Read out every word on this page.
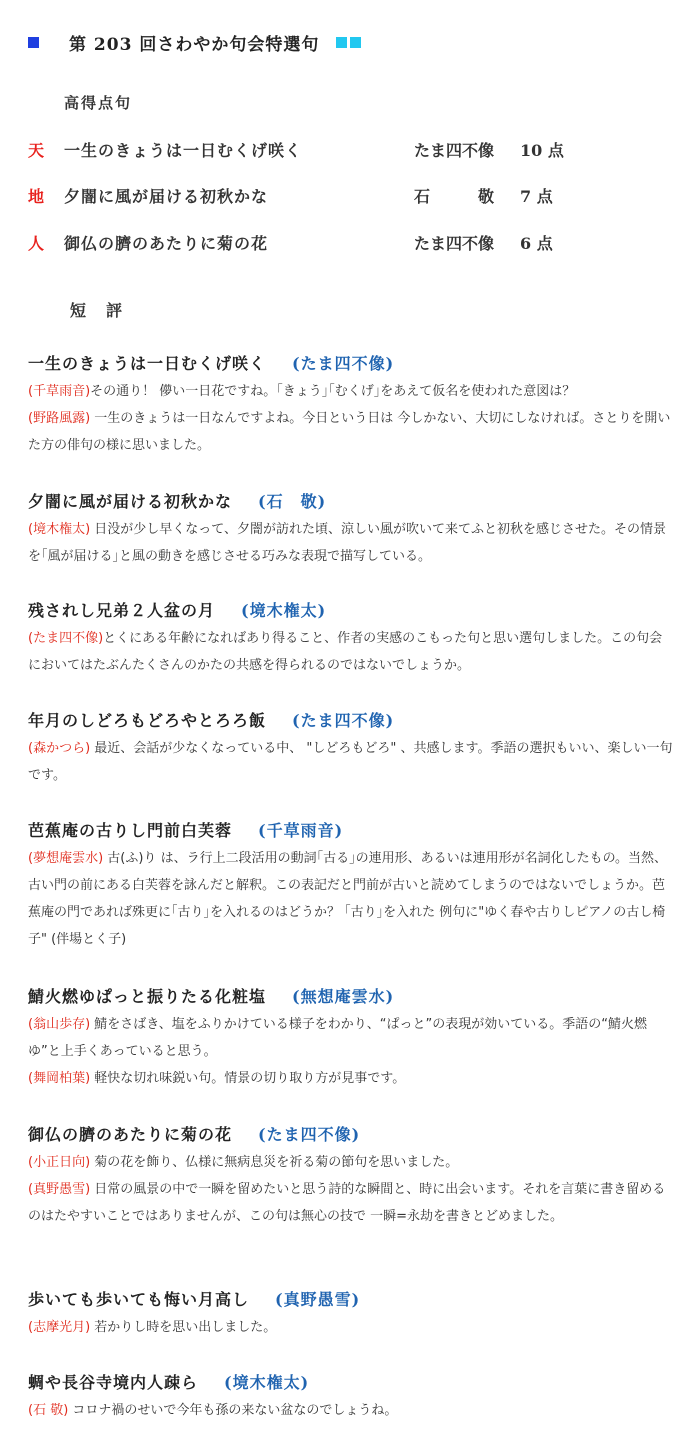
第 203 回さわやか句会特選句
高得点句
天 一生のきょうは一日むくげ咲く	たま四不像 10 点
地 夕闇に風が届ける初秋かな	石　　　敬 7 点
人 御仏の臍のあたりに菊の花	たま四不像 6 点
短　評
一生のきょうは一日むくげ咲く (たま四不像)
(千草雨音)その通り！ 儚い一日花ですね。｢きょう｣｢むくげ｣をあえて仮名を使われた意図は？
(野路風露) 一生のきょうは一日なんですよね。今日という日は 今しかない、大切にしなければ。さとりを開いた方の俳句の様に思いました。
夕闇に風が届ける初秋かな (石　敬)
(境木権太) 日没が少し早くなって、夕闇が訪れた頃、涼しい風が吹いて来てふと初秋を感じさせた。その情景を｢風が届ける｣と風の動きを感じさせる巧みな表現で描写している。
残されし兄弟２人盆の月 (境木権太)
(たま四不像)とくにある年齢になればあり得ること、作者の実感のこもった句と思い選句しました。この句会においてはたぶんたくさんのかたの共感を得られるのではないでしょうか。
年月のしどろもどろやとろろ飯 (たま四不像)
(森かつら) 最近、会話が少なくなっている中、 "しどろもどろ" 、共感します。季語の選択もいい、楽しい一句です。
芭蕉庵の古りし門前白芙蓉 (千草雨音)
(夢想庵雲水) 古(ふ)り は、ラ行上二段活用の動詞｢古る｣の連用形、あるいは連用形が名詞化したもの。当然、古い門の前にある白芙蓉を詠んだと解釈。この表記だと門前が古いと読めてしまうのではないでしょうか。芭蕉庵の門であれば殊更に｢古り｣を入れるのはどうか？ ｢古り｣を入れた 例句に"ゆく春や古りしピアノの古し椅子" (伴場とく子)
鯖火燃ゆぱっと振りたる化粧塩 (無想庵雲水)
(翁山歩存) 鯖をさばき、塩をふりかけている様子をわかり、“ぱっと”の表現が効いている。季語の“鯖火燃ゆ”と上手くあっていると思う。
(舞岡柏葉) 軽快な切れ味鋭い句。情景の切り取り方が見事です。
御仏の臍のあたりに菊の花 (たま四不像)
(小正日向) 菊の花を飾り、仏様に無病息災を祈る菊の節句を思いました。
(真野愚雪) 日常の風景の中で一瞬を留めたいと思う詩的な瞬間と、時に出会います。それを言葉に書き留めるのはたやすいことではありませんが、この句は無心の技で 一瞬=永劫を書きとどめました。
歩いても歩いても悔い月高し (真野愚雪)
(志摩光月) 若かりし時を思い出しました。
蜩や長谷寺境内人疎ら (境木権太)
(石 敬) コロナ禍のせいで今年も孫の来ない盆なのでしょうね。
